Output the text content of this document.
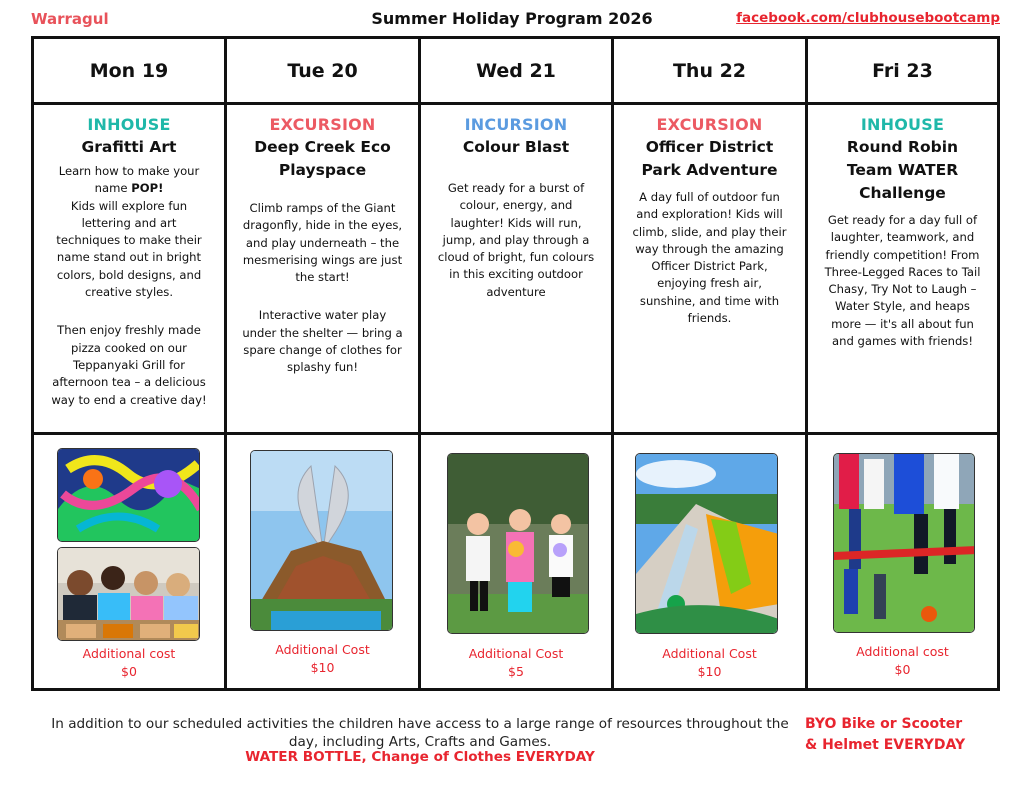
Warragul	Summer Holiday Program 2026	facebook.com/clubhousebootcamp
Mon 19
INHOUSE
Grafitti Art
Learn how to make your name POP!
Kids will explore fun lettering and art techniques to make their name stand out in bright colors, bold designs, and creative styles.
Then enjoy freshly made pizza cooked on our Teppanyaki Grill for afternoon tea – a delicious way to end a creative day!
Additional cost
$0
Tue 20
EXCURSION
Deep Creek Eco Playspace
Climb ramps of the Giant dragonfly, hide in the eyes, and play underneath – the mesmerising wings are just the start!
Interactive water play under the shelter — bring a spare change of clothes for splashy fun!
Additional Cost
$10
Wed 21
INCURSION
Colour Blast
Get ready for a burst of colour, energy, and laughter! Kids will run, jump, and play through a cloud of bright, fun colours in this exciting outdoor adventure
Additional Cost
$5
Thu 22
EXCURSION
Officer District Park Adventure
A day full of outdoor fun and exploration! Kids will climb, slide, and play their way through the amazing Officer District Park, enjoying fresh air, sunshine, and time with friends.
Additional Cost
$10
Fri 23
INHOUSE
Round Robin Team WATER Challenge
Get ready for a day full of laughter, teamwork, and friendly competition! From Three-Legged Races to Tail Chasy, Try Not to Laugh – Water Style, and heaps more — it's all about fun and games with friends!
Additional cost
$0
In addition to our scheduled activities the children have access to a large range of resources throughout the day, including Arts, Crafts and Games.
WATER BOTTLE, Change of Clothes EVERYDAY
BYO Bike or Scooter
& Helmet EVERYDAY
